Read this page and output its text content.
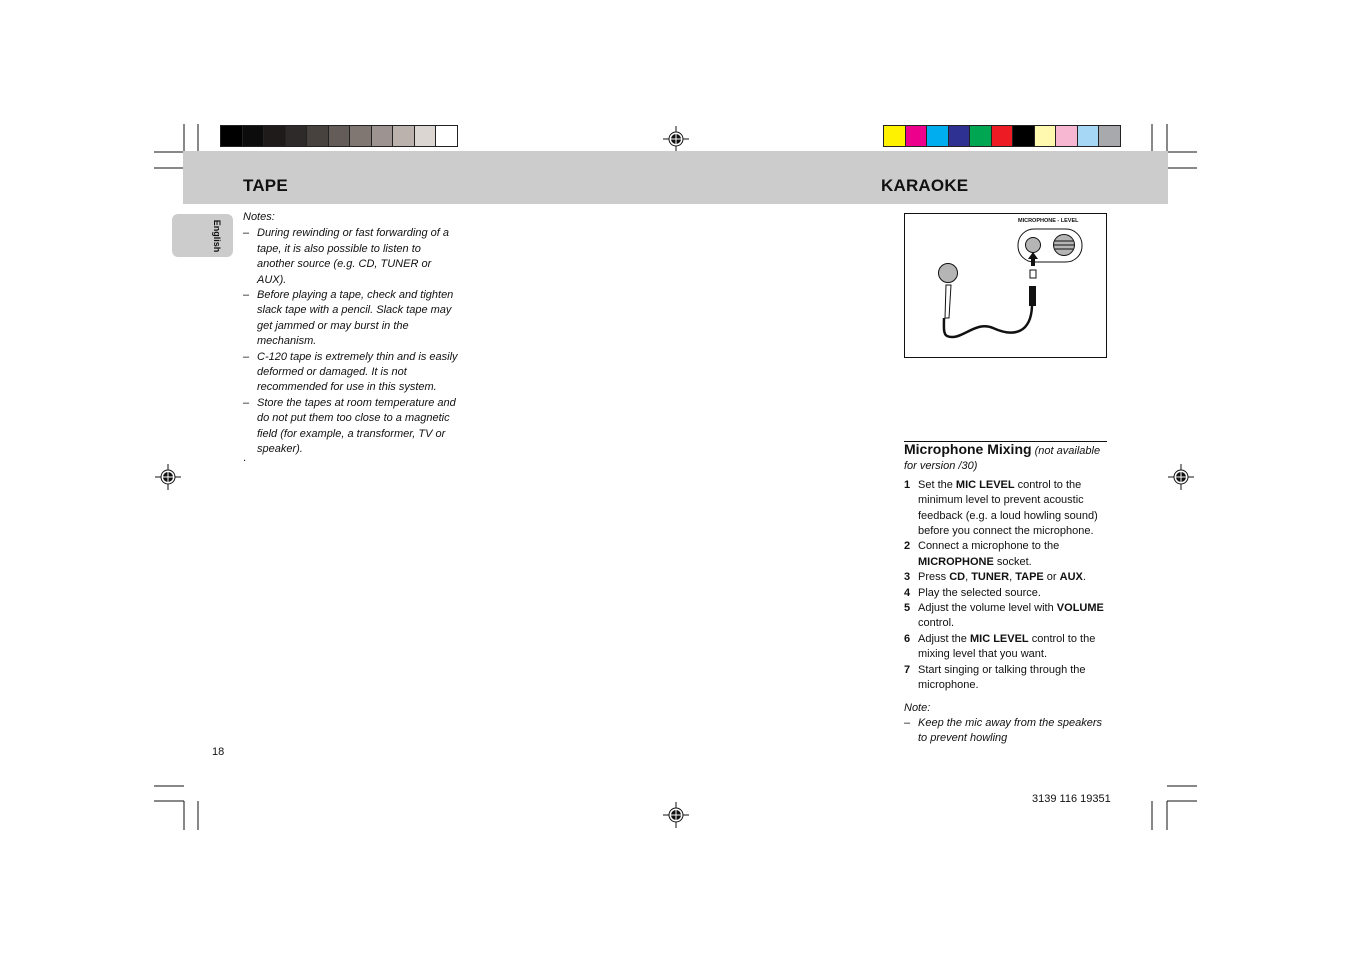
TAPE	KARAOKE
English
Notes:
– During rewinding or fast forwarding of a tape, it is also possible to listen to another source (e.g. CD, TUNER or AUX).
– Before playing a tape, check and tighten slack tape with a pencil. Slack tape may get jammed or may burst in the mechanism.
– C-120 tape is extremely thin and is easily deformed or damaged. It is not recommended for use in this system.
– Store the tapes at room temperature and do not put them too close to a magnetic field (for example, a transformer, TV or speaker).
.
MICROPHONE - LEVEL
Microphone Mixing (not available for version /30)
1 Set the MIC LEVEL control to the minimum level to prevent acoustic feedback (e.g. a loud howling sound) before you connect the microphone.
2 Connect a microphone to the MICROPHONE socket.
3 Press CD, TUNER, TAPE or AUX.
4 Play the selected source.
5 Adjust the volume level with VOLUME control.
6 Adjust the MIC LEVEL control to the mixing level that you want.
7 Start singing or talking through the microphone.
Note:
– Keep the mic away from the speakers to prevent howling
18
3139 116 19351
